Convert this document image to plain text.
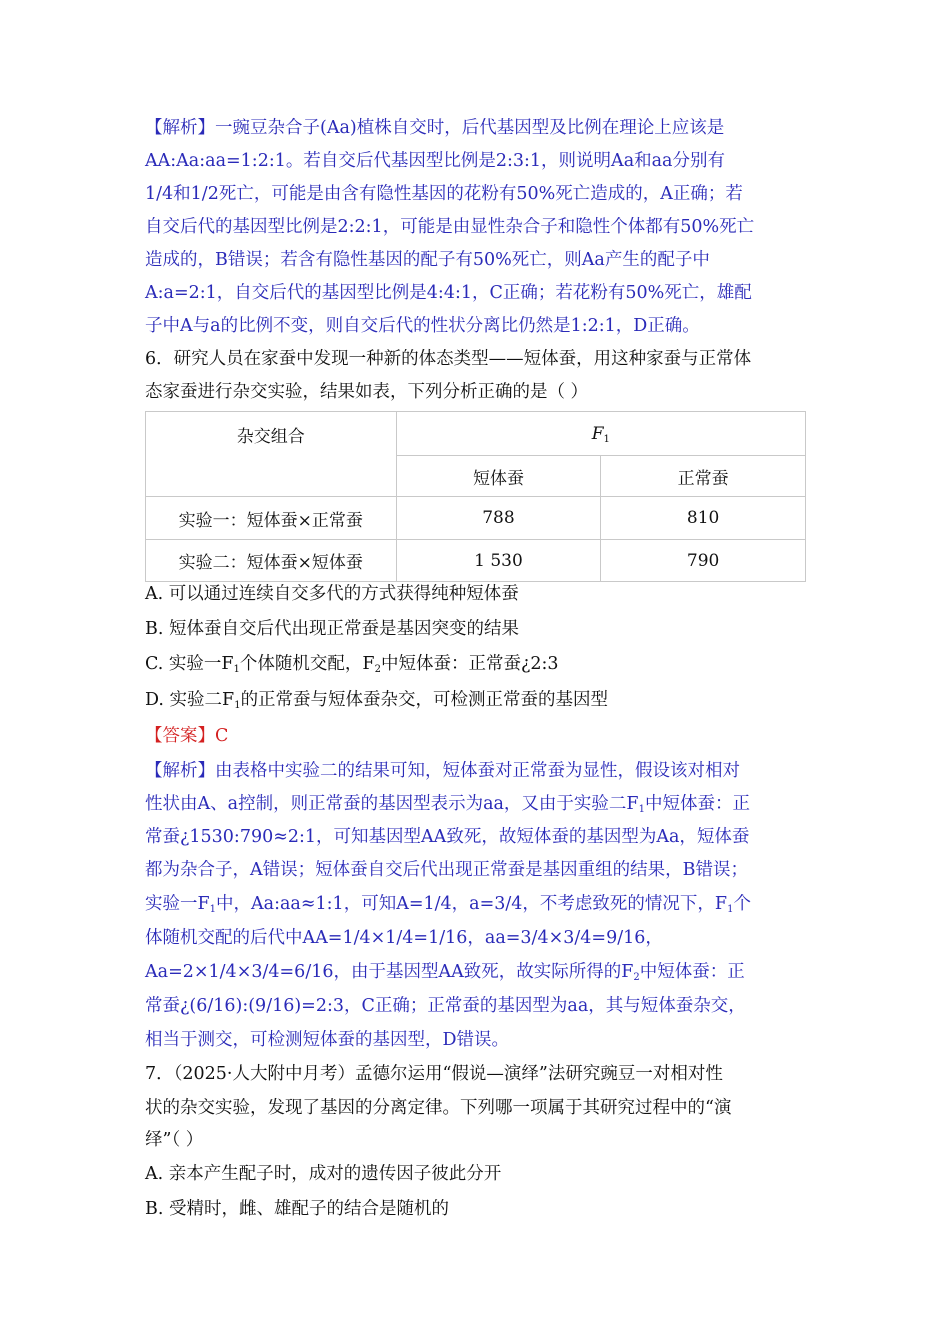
【解析】一豌豆杂合子(Aa)植株自交时，后代基因型及比例在理论上应该是
AA:Aa:aa=1:2:1。若自交后代基因型比例是2:3:1，则说明Aa和aa分别有
1/4和1/2死亡，可能是由含有隐性基因的花粉有50%死亡造成的，A正确；若
自交后代的基因型比例是2:2:1，可能是由显性杂合子和隐性个体都有50%死亡
造成的，B错误；若含有隐性基因的配子有50%死亡，则Aa产生的配子中
A:a=2:1，自交后代的基因型比例是4:4:1，C正确；若花粉有50%死亡，雄配
子中A与a的比例不变，则自交后代的性状分离比仍然是1:2:1，D正确。
6．研究人员在家蚕中发现一种新的体态类型——短体蚕，用这种家蚕与正常体
态家蚕进行杂交实验，结果如表，下列分析正确的是（ ）
杂交组合	$F_1$
	短体蚕	正常蚕
实验一：短体蚕×正常蚕	788	810
实验二：短体蚕×短体蚕	1 530	790
A. 可以通过连续自交多代的方式获得纯种短体蚕
B. 短体蚕自交后代出现正常蚕是基因突变的结果
C. 实验一$F_1$个体随机交配，$F_2$中短体蚕：正常蚕¿2:3
D. 实验二$F_1$的正常蚕与短体蚕杂交，可检测正常蚕的基因型
【答案】C
【解析】由表格中实验二的结果可知，短体蚕对正常蚕为显性，假设该对相对
性状由A、a控制，则正常蚕的基因型表示为aa，又由于实验二$F_1$中短体蚕：正
常蚕¿1530:790≈2:1，可知基因型AA致死，故短体蚕的基因型为Aa，短体蚕
都为杂合子，A错误；短体蚕自交后代出现正常蚕是基因重组的结果，B错误；
实验一$F_1$中，Aa:aa≈1:1，可知A=1/4，a=3/4，不考虑致死的情况下，$F_1$个
体随机交配的后代中AA=1/4×1/4=1/16，aa=3/4×3/4=9/16，
Aa=2×1/4×3/4=6/16，由于基因型AA致死，故实际所得的$F_2$中短体蚕：正
常蚕¿(6/16):(9/16)=2:3，C正确；正常蚕的基因型为aa，其与短体蚕杂交，
相当于测交，可检测短体蚕的基因型，D错误。
7．（2025·人大附中月考）孟德尔运用“假说—演绎”法研究豌豆一对相对性
状的杂交实验，发现了基因的分离定律。下列哪一项属于其研究过程中的“演
绎”（ ）
A. 亲本产生配子时，成对的遗传因子彼此分开
B. 受精时，雌、雄配子的结合是随机的
